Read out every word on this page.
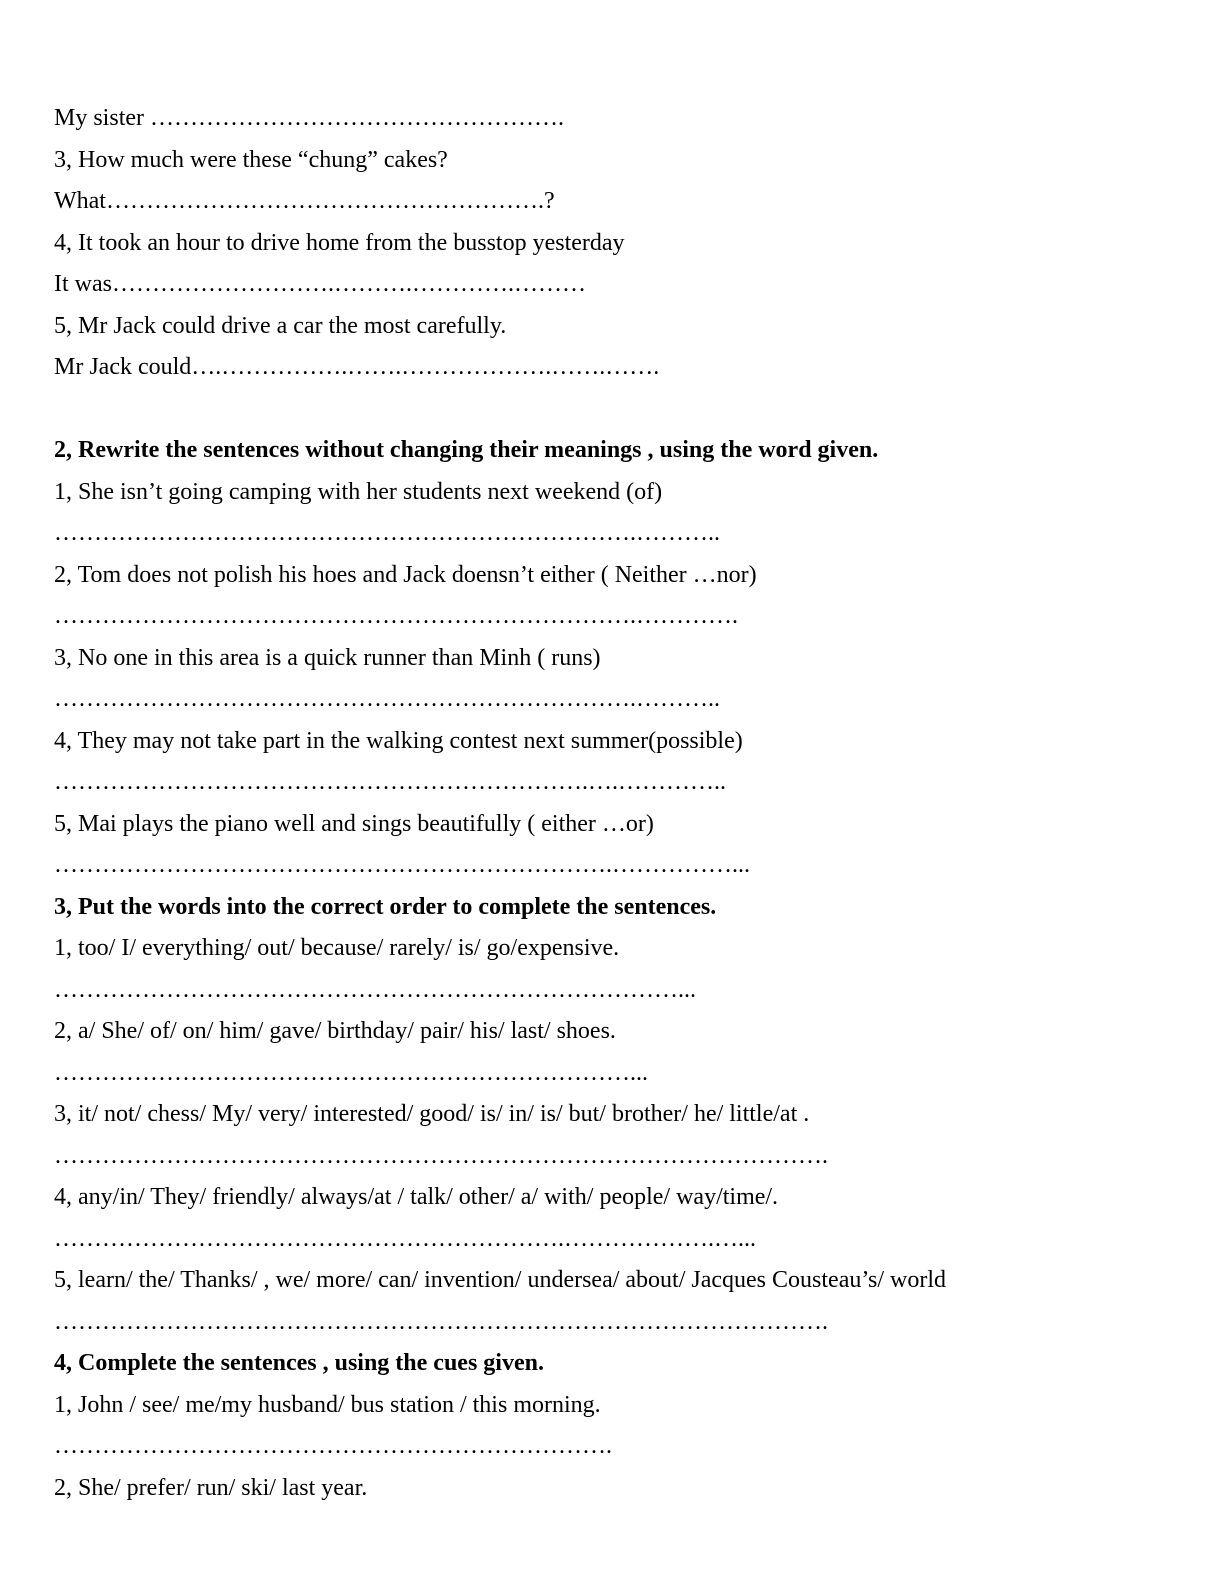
My sister …………………………………………….
3, How much were these “chung” cakes?
What……………………………………………….?
4, It took an hour to drive home from the busstop yesterday
It was……………………….……….………….………
5, Mr Jack could drive a car the most carefully.
Mr Jack could….…………….…….……………….…….…….
2, Rewrite the sentences without changing their meanings , using the word given.
1, She isn’t going camping with her students next weekend (of)
……………………………………………………………….………..
2, Tom does not polish his hoes and Jack doensn’t either ( Neither …nor)
……………………………………………………………….………….
3, No one in this area is a quick runner than Minh ( runs)
……………………………………………………………….………..
4, They may not take part in the walking contest next summer(possible)
………………………………………………………….….…………..
5, Mai plays the piano well and sings beautifully ( either …or)
…………………………………………………………….……………...
3, Put the words into the correct order to complete the sentences.
1, too/ I/ everything/ out/ because/ rarely/ is/ go/expensive.
……………………………………………………………………...
2, a/ She/ of/ on/ him/ gave/ birthday/ pair/ his/ last/ shoes.
………………………………………………………………...
3, it/ not/ chess/ My/ very/ interested/ good/ is/ in/ is/ but/ brother/ he/ little/at .
…………………………………………………………………………………….
4, any/in/ They/ friendly/ always/at / talk/ other/ a/ with/ people/ way/time/.
……………………………………………………….……………….…...
5, learn/ the/ Thanks/ , we/ more/ can/ invention/ undersea/ about/ Jacques Cousteau’s/ world
…………………………………………………………………………………….
4, Complete the sentences , using the cues given.
1, John / see/ me/my husband/ bus station / this morning.
…………………………………………………………….
2, She/ prefer/ run/ ski/ last year.
